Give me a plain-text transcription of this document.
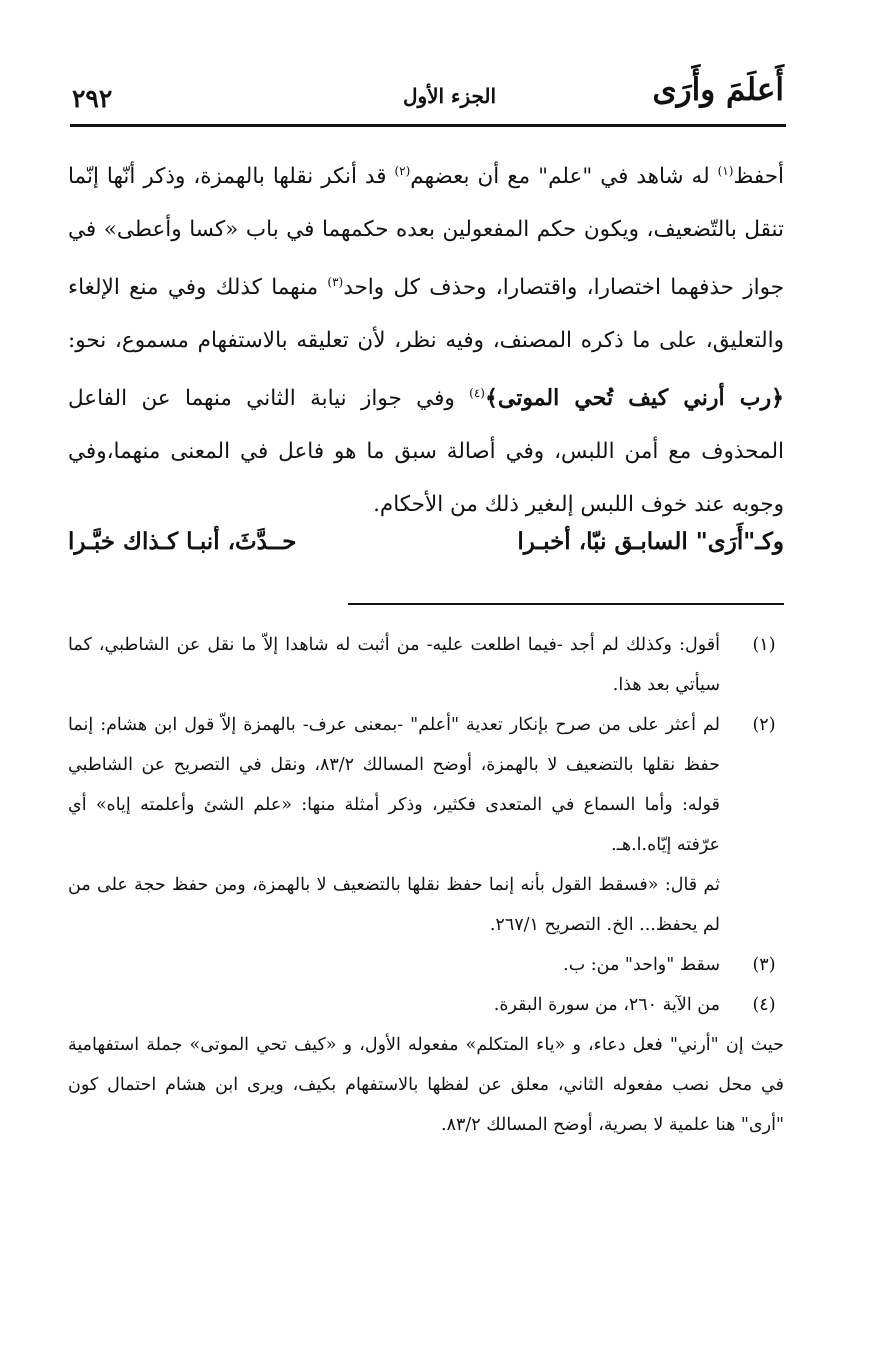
أَعلَمَ وأَرَى
الجزء الأول
٢٩٢

أحفظ$^{(١)}$ له شاهد في "علم" مع أن بعضهم$^{(٢)}$ قد أنكر نقلها بالهمزة، وذكر أنّها إنّما تنقل بالتّضعيف، ويكون حكم المفعولين بعده حكمهما في باب «كسا وأعطى» في جواز حذفهما اختصارا، واقتصارا، وحذف كل واحد$^{(٣)}$ منهما كذلك وفي منع الإلغاء والتعليق، على ما ذكره المصنف، وفيه نظر، لأن تعليقه بالاستفهام مسموع، نحو:﴿رب أرني كيف تُحي الموتى﴾$^{(٤)}$ وفي جواز نيابة الثاني منهما عن الفاعل المحذوف مع أمن اللبس، وفي أصالة سبق ما هو فاعل في المعنى منهما،وفي وجوبه عند خوف اللبس إلىغير ذلك من الأحكام.

وكـ"أَرَى" السابـق نبّا، أخبـرا
حــدَّثَ، أنبـا كـذاك خبَّـرا
(١)
أقول: وكذلك لم أجد -فيما اطلعت عليه- من أثبت له شاهدا إلاّ ما نقل عن الشاطبي، كما سيأتي بعد هذا.
(٢)
لم أعثر على من صرح بإنكار تعدية "أعلم" -بمعنى عرف- بالهمزة إلاّ قول ابن هشام: إنما حفظ نقلها بالتضعيف لا بالهمزة، أوضح المسالك ٨٣/٢، ونقل في التصريح عن الشاطبي قوله: وأما السماع في المتعدى فكثير، وذكر أمثلة منها: «علم الشئ وأعلمته إياه» أي عرّفته إيّاه.ا.هـ.
ثم قال: «فسقط القول بأنه إنما حفظ نقلها بالتضعيف لا بالهمزة، ومن حفظ حجة على من لم يحفظ... الخ. التصريح ٢٦٧/١.
(٣)
سقط "واحد" من: ب.
(٤)
من الآية ٢٦٠، من سورة البقرة.
حيث إن "أرني" فعل دعاء، و «ياء المتكلم» مفعوله الأول، و «كيف تحي الموتى» جملة استفهامية في محل نصب مفعوله الثاني، معلق عن لفظها بالاستفهام بكيف، ويرى ابن هشام احتمال كون "أرى" هنا علمية لا بصرية، أوضح المسالك ٨٣/٢.
